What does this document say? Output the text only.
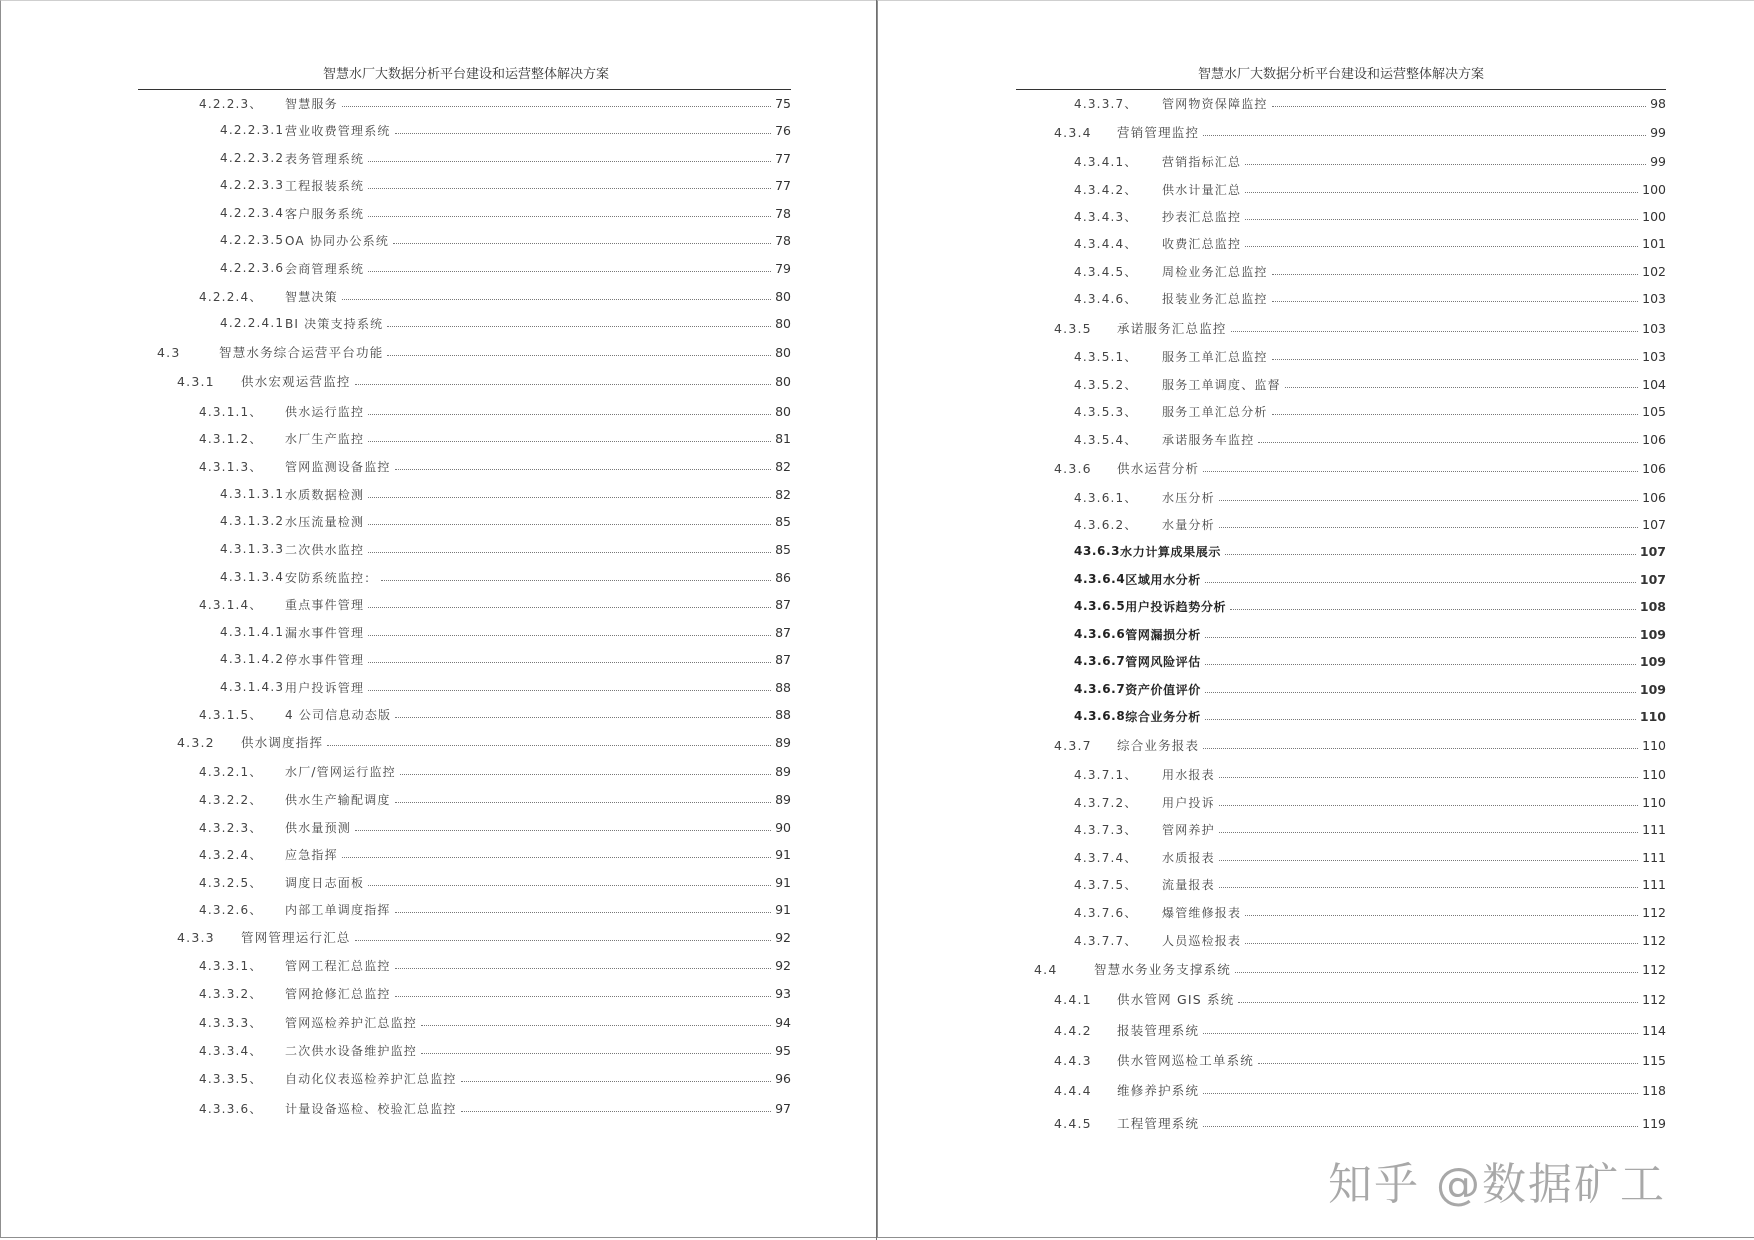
智慧水厂大数据分析平台建设和运营整体解决方案
4.2.2.3、	智慧服务	75
4.2.2.3.1 营业收费管理系统	76
4.2.2.3.2 表务管理系统	77
4.2.2.3.3 工程报装系统	77
4.2.2.3.4 客户服务系统	78
4.2.2.3.5 OA 协同办公系统	78
4.2.2.3.6 会商管理系统	79
4.2.2.4、	智慧决策	80
4.2.2.4.1 BI 决策支持系统	80
4.3	智慧水务综合运营平台功能	80
4.3.1	供水宏观运营监控	80
4.3.1.1、	供水运行监控	80
4.3.1.2、	水厂生产监控	81
4.3.1.3、	管网监测设备监控	82
4.3.1.3.1 水质数据检测	82
4.3.1.3.2 水压流量检测	85
4.3.1.3.3 二次供水监控	85
4.3.1.3.4 安防系统监控：	86
4.3.1.4、	重点事件管理	87
4.3.1.4.1 漏水事件管理	87
4.3.1.4.2 停水事件管理	87
4.3.1.4.3 用户投诉管理	88
4.3.1.5、	4 公司信息动态版	88
4.3.2	供水调度指挥	89
4.3.2.1、	水厂/管网运行监控	89
4.3.2.2、	供水生产输配调度	89
4.3.2.3、	供水量预测	90
4.3.2.4、	应急指挥	91
4.3.2.5、	调度日志面板	91
4.3.2.6、	内部工单调度指挥	91
4.3.3	管网管理运行汇总	92
4.3.3.1、	管网工程汇总监控	92
4.3.3.2、	管网抢修汇总监控	93
4.3.3.3、	管网巡检养护汇总监控	94
4.3.3.4、	二次供水设备维护监控	95
4.3.3.5、	自动化仪表巡检养护汇总监控	96
4.3.3.6、	计量设备巡检、校验汇总监控	97
智慧水厂大数据分析平台建设和运营整体解决方案
4.3.3.7、	管网物资保障监控	98
4.3.4	营销管理监控	99
4.3.4.1、	营销指标汇总	99
4.3.4.2、	供水计量汇总	100
4.3.4.3、	抄表汇总监控	100
4.3.4.4、	收费汇总监控	101
4.3.4.5、	周检业务汇总监控	102
4.3.4.6、	报装业务汇总监控	103
4.3.5	承诺服务汇总监控	103
4.3.5.1、	服务工单汇总监控	103
4.3.5.2、	服务工单调度、监督	104
4.3.5.3、	服务工单汇总分析	105
4.3.5.4、	承诺服务车监控	106
4.3.6	供水运营分析	106
4.3.6.1、	水压分析	106
4.3.6.2、	水量分析	107
43.6.3 水力计算成果展示	107
4.3.6.4 区域用水分析	107
4.3.6.5 用户投诉趋势分析	108
4.3.6.6 管网漏损分析	109
4.3.6.7 管网风险评估	109
4.3.6.7 资产价值评价	109
4.3.6.8 综合业务分析	110
4.3.7	综合业务报表	110
4.3.7.1、	用水报表	110
4.3.7.2、	用户投诉	110
4.3.7.3、	管网养护	111
4.3.7.4、	水质报表	111
4.3.7.5、	流量报表	111
4.3.7.6、	爆管维修报表	112
4.3.7.7、	人员巡检报表	112
4.4	智慧水务业务支撑系统	112
4.4.1	供水管网 GIS 系统	112
4.4.2	报装管理系统	114
4.4.3	供水管网巡检工单系统	115
4.4.4	维修养护系统	118
4.4.5	工程管理系统	119
知乎 @数据矿工
